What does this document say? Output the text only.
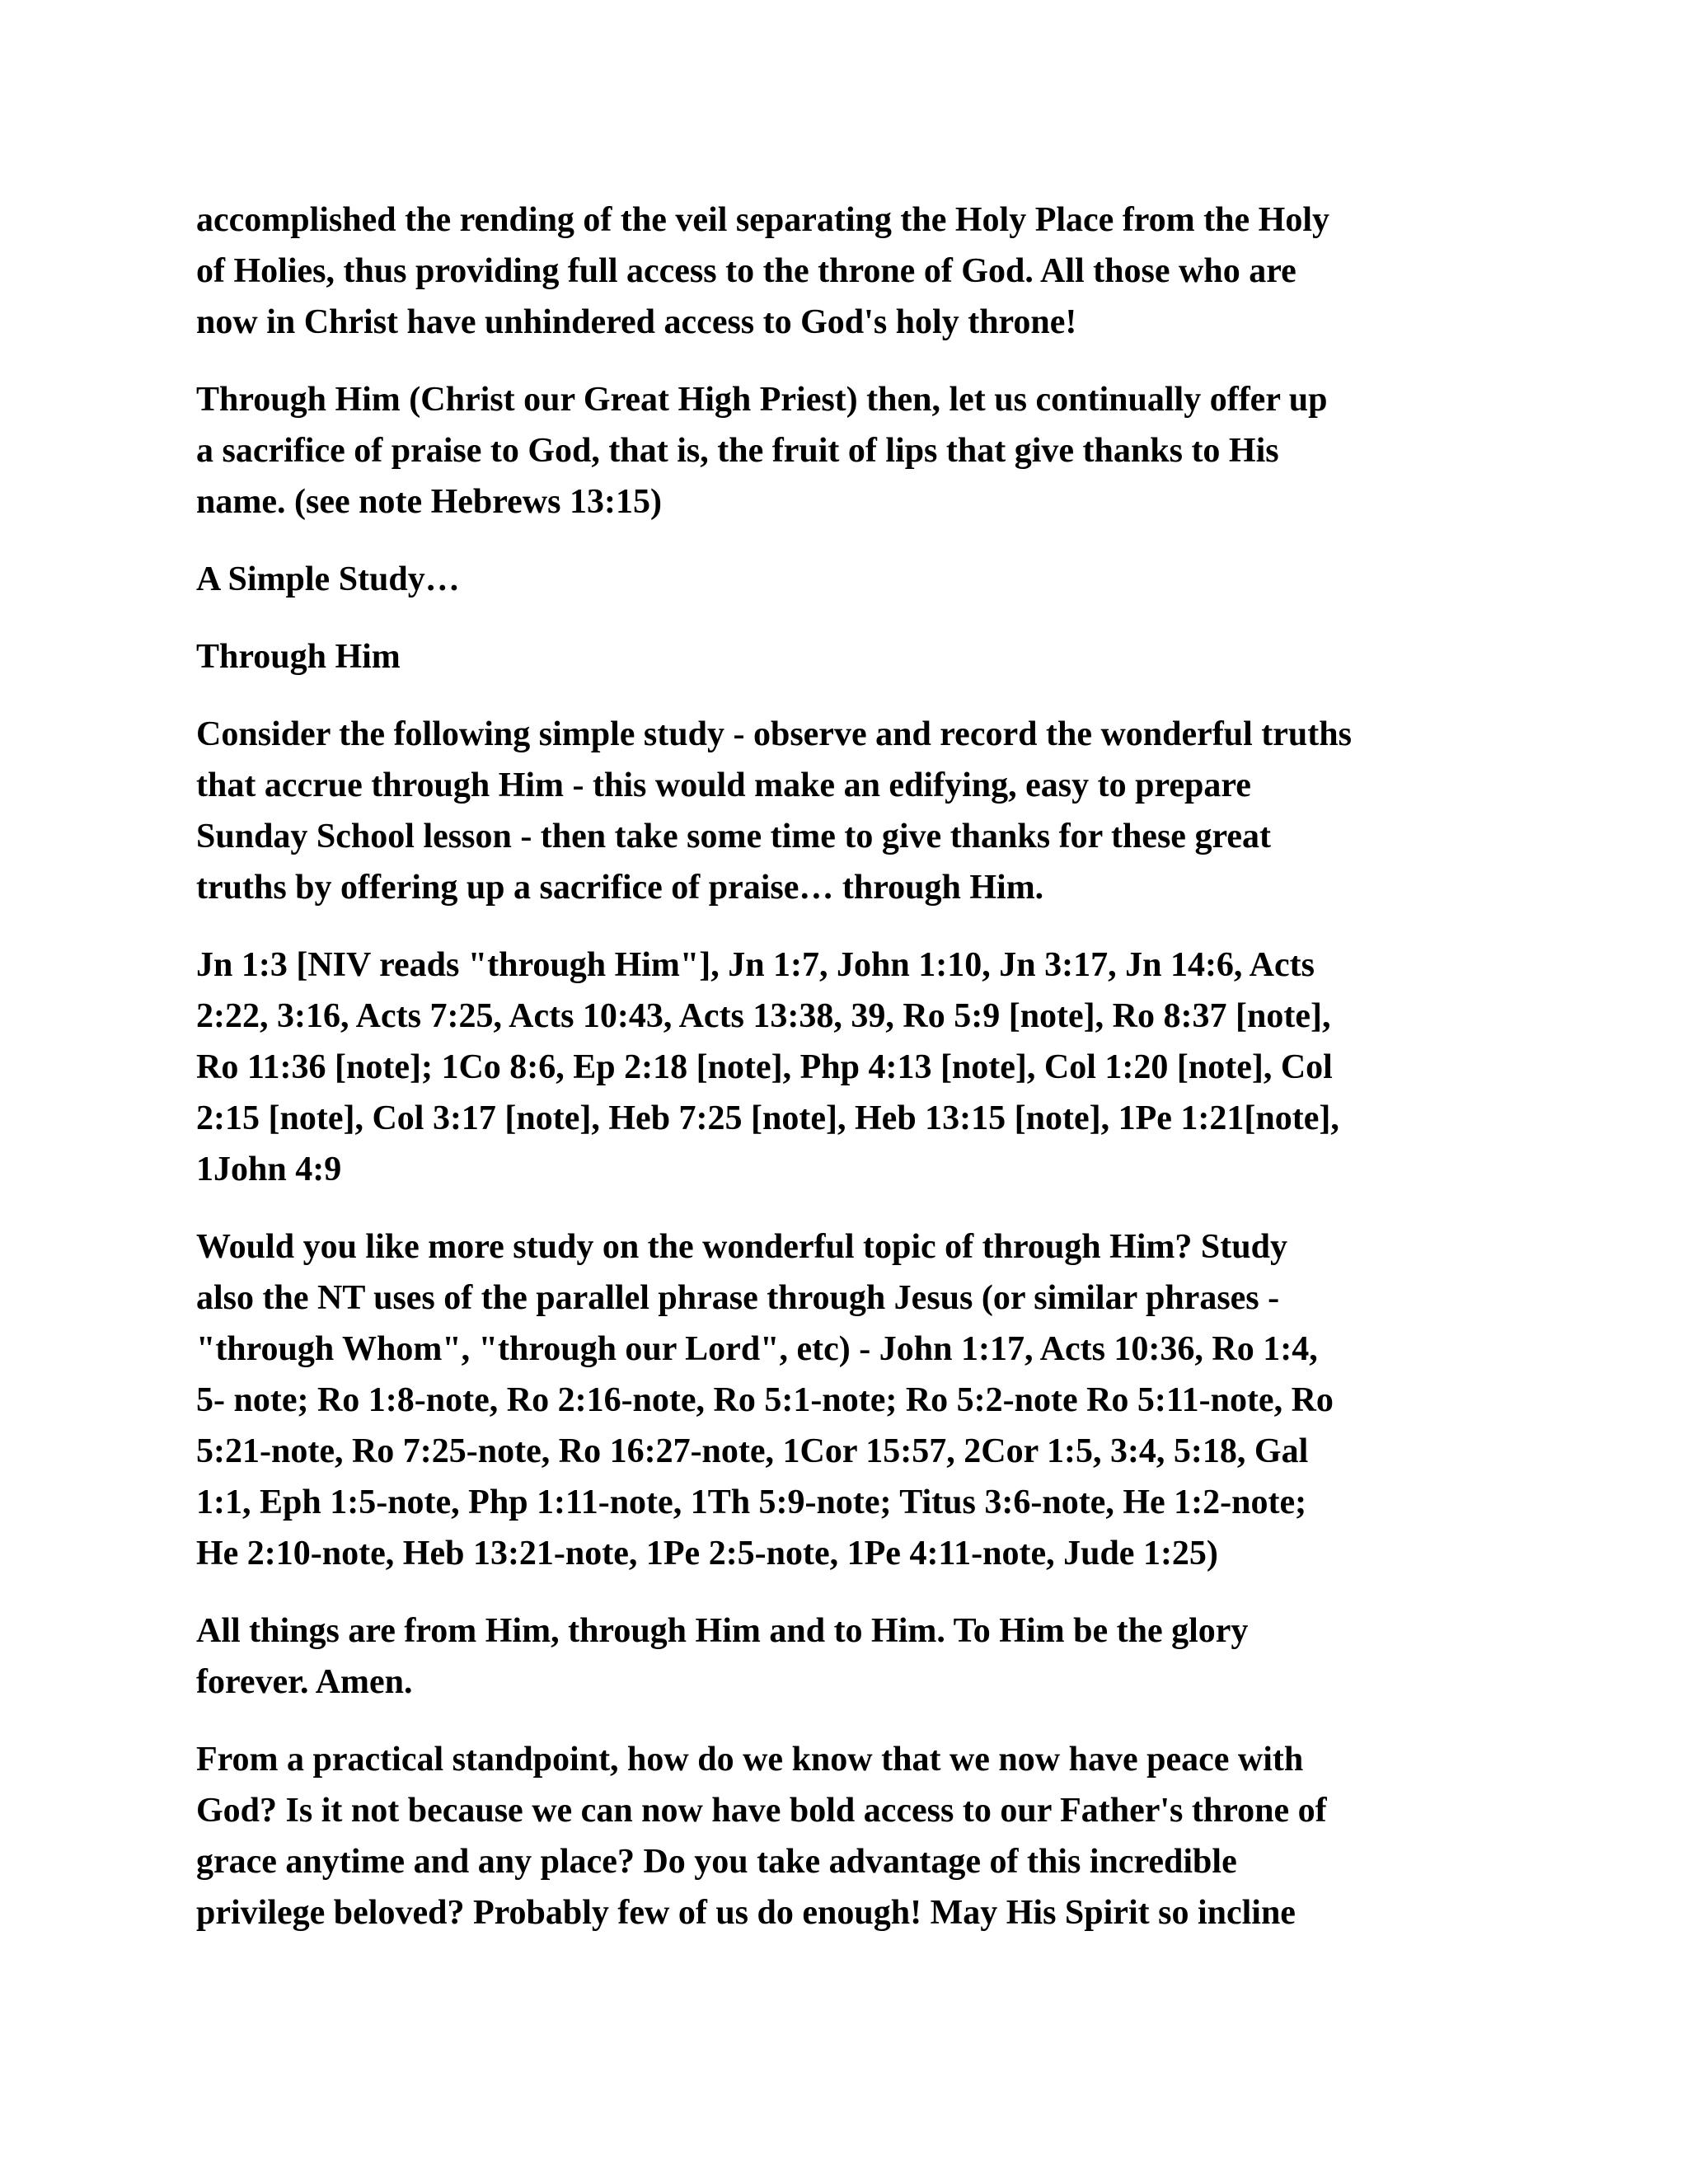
accomplished the rending of the veil separating the Holy Place from the Holy
of Holies, thus providing full access to the throne of God. All those who are
now in Christ have unhindered access to God's holy throne!

Through Him (Christ our Great High Priest) then, let us continually offer up
a sacrifice of praise to God, that is, the fruit of lips that give thanks to His
name. (see note Hebrews 13:15)

A Simple Study…

Through Him

Consider the following simple study - observe and record the wonderful truths
that accrue through Him - this would make an edifying, easy to prepare
Sunday School lesson - then take some time to give thanks for these great
truths by offering up a sacrifice of praise… through Him.

Jn 1:3 [NIV reads "through Him"], Jn 1:7, John 1:10, Jn 3:17, Jn 14:6, Acts
2:22, 3:16, Acts 7:25, Acts 10:43, Acts 13:38, 39, Ro 5:9 [note], Ro 8:37 [note],
Ro 11:36 [note]; 1Co 8:6, Ep 2:18 [note], Php 4:13 [note], Col 1:20 [note], Col
2:15 [note], Col 3:17 [note], Heb 7:25 [note], Heb 13:15 [note], 1Pe 1:21[note],
1John 4:9

Would you like more study on the wonderful topic of through Him? Study
also the NT uses of the parallel phrase through Jesus (or similar phrases -
"through Whom", "through our Lord", etc) - John 1:17, Acts 10:36, Ro 1:4,
5- note; Ro 1:8-note, Ro 2:16-note, Ro 5:1-note; Ro 5:2-note Ro 5:11-note, Ro
5:21-note, Ro 7:25-note, Ro 16:27-note, 1Cor 15:57, 2Cor 1:5, 3:4, 5:18, Gal
1:1, Eph 1:5-note, Php 1:11-note, 1Th 5:9-note; Titus 3:6-note, He 1:2-note;
He 2:10-note, Heb 13:21-note, 1Pe 2:5-note, 1Pe 4:11-note, Jude 1:25)

All things are from Him, through Him and to Him. To Him be the glory
forever. Amen.

From a practical standpoint, how do we know that we now have peace with
God? Is it not because we can now have bold access to our Father's throne of
grace anytime and any place? Do you take advantage of this incredible
privilege beloved? Probably few of us do enough! May His Spirit so incline
